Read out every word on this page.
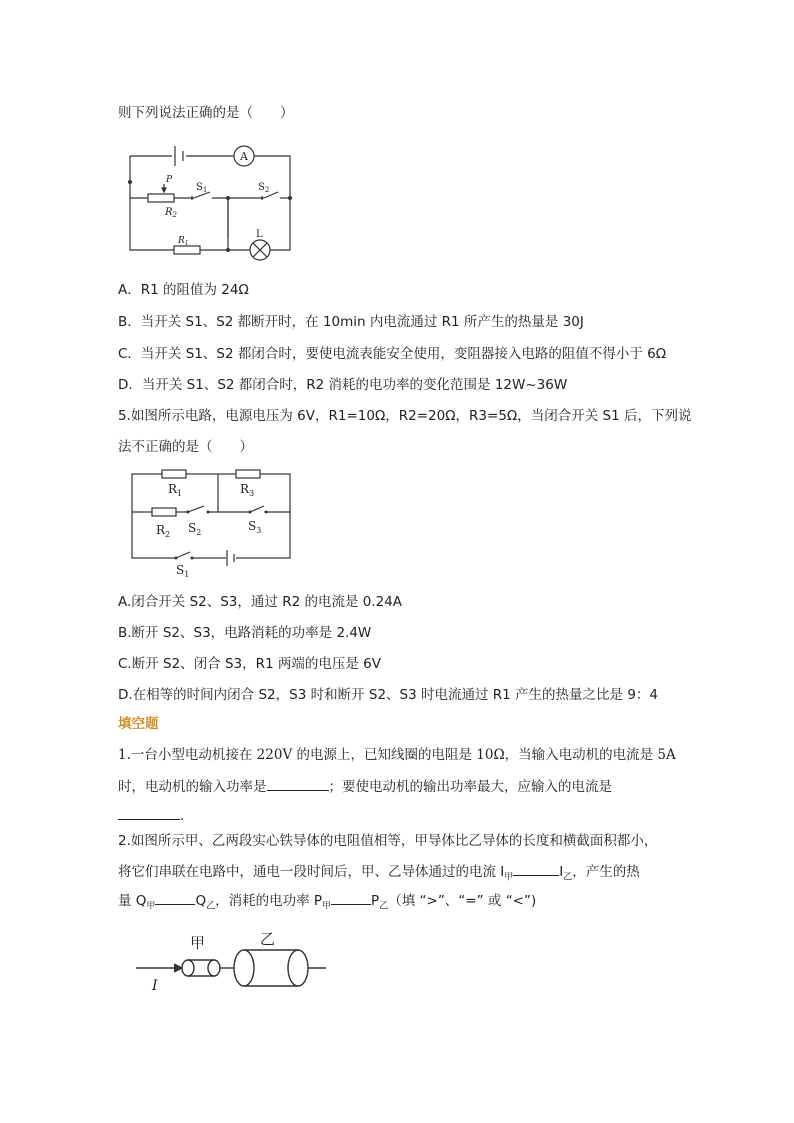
则下列说法正确的是（　　）
A
P
$S_1$	$S_2$
$R_2$
$R_1$
L
A．R1 的阻值为 24Ω
B．当开关 S1、S2 都断开时，在 10min 内电流通过 R1 所产生的热量是 30J
C．当开关 S1、S2 都闭合时，要使电流表能安全使用，变阻器接入电路的阻值不得小于 6Ω
D．当开关 S1、S2 都闭合时，R2 消耗的电功率的变化范围是 12W~36W
5.如图所示电路，电源电压为 6V，R1=10Ω，R2=20Ω，R3=5Ω，当闭合开关 S1 后，下列说
法不正确的是（　　）
$R_1$	$R_3$
$R_2$ $S_2$	$S_3$
$S_1$
A.闭合开关 S2、S3，通过 R2 的电流是 0.24A
B.断开 S2、S3，电路消耗的功率是 2.4W
C.断开 S2、闭合 S3，R1 两端的电压是 6V
D.在相等的时间内闭合 S2，S3 时和断开 S2、S3 时电流通过 R1 产生的热量之比是 9：4
填空题
1.一台小型电动机接在 220V 的电源上，已知线圈的电阻是 10Ω，当输入电动机的电流是 5A
时，电动机的输入功率是	；要使电动机的输出功率最大，应输入的电流是
.
2.如图所示甲、乙两段实心铁导体的电阻值相等，甲导体比乙导体的长度和横截面积都小，
将它们串联在电路中，通电一段时间后，甲、乙导体通过的电流 $I_甲$	$I_乙$，产生的热
量 $Q_甲$	$Q_乙$，消耗的电功率 $P_甲$	$P_乙$（填 “>”、“=” 或 “<”)
甲	乙
I
